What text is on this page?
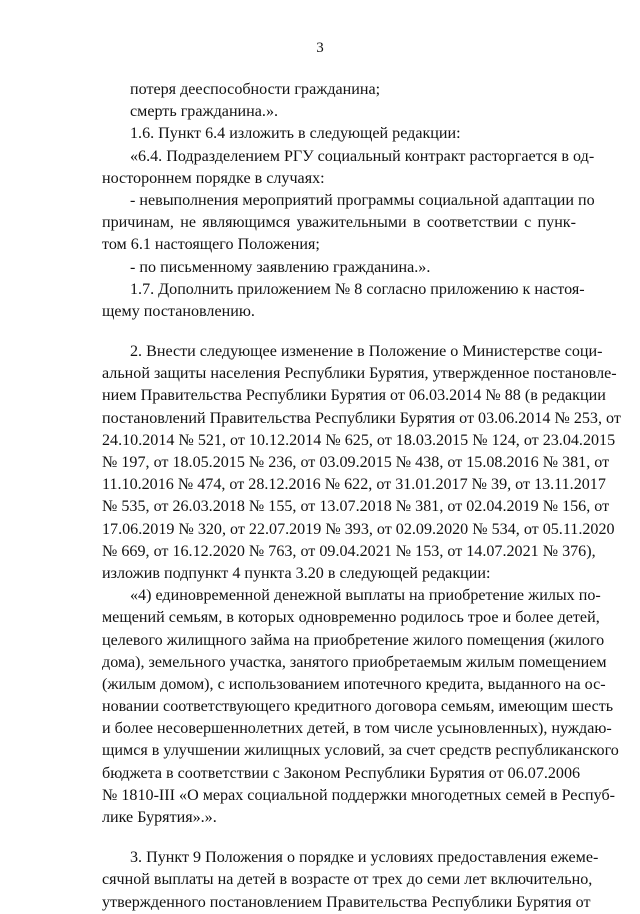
3
потеря дееспособности гражданина;
смерть гражданина.».
1.6. Пункт 6.4 изложить в следующей редакции:
«6.4. Подразделением РГУ социальный контракт расторгается в од-
ностороннем порядке в случаях:
- невыполнения мероприятий программы социальной адаптации по
причинам, не являющимся уважительными в соответствии с пунк-
том 6.1 настоящего Положения;
- по письменному заявлению гражданина.».
1.7. Дополнить приложением № 8 согласно приложению к настоя-
щему постановлению.
2. Внести следующее изменение в Положение о Министерстве соци-
альной защиты населения Республики Бурятия, утвержденное постановле-
нием Правительства Республики Бурятия от 06.03.2014 № 88 (в редакции
постановлений Правительства Республики Бурятия от 03.06.2014 № 253, от
24.10.2014 № 521, от 10.12.2014 № 625, от 18.03.2015 № 124, от 23.04.2015
№ 197, от 18.05.2015 № 236, от 03.09.2015 № 438, от 15.08.2016 № 381, от
11.10.2016 № 474, от 28.12.2016 № 622, от 31.01.2017 № 39, от 13.11.2017
№ 535, от 26.03.2018 № 155, от 13.07.2018 № 381, от 02.04.2019 № 156, от
17.06.2019 № 320, от 22.07.2019 № 393, от 02.09.2020 № 534, от 05.11.2020
№ 669, от 16.12.2020 № 763, от 09.04.2021 № 153, от 14.07.2021 № 376),
изложив подпункт 4 пункта 3.20 в следующей редакции:
«4) единовременной денежной выплаты на приобретение жилых по-
мещений семьям, в которых одновременно родилось трое и более детей,
целевого жилищного займа на приобретение жилого помещения (жилого
дома), земельного участка, занятого приобретаемым жилым помещением
(жилым домом), с использованием ипотечного кредита, выданного на ос-
новании соответствующего кредитного договора семьям, имеющим шесть
и более несовершеннолетних детей, в том числе усыновленных), нуждаю-
щимся в улучшении жилищных условий, за счет средств республиканского
бюджета в соответствии с Законом Республики Бурятия от 06.07.2006
№ 1810-III «О мерах социальной поддержки многодетных семей в Респуб-
лике Бурятия».».
3. Пункт 9 Положения о порядке и условиях предоставления ежеме-
сячной выплаты на детей в возрасте от трех до семи лет включительно,
утвержденного постановлением Правительства Республики Бурятия от
